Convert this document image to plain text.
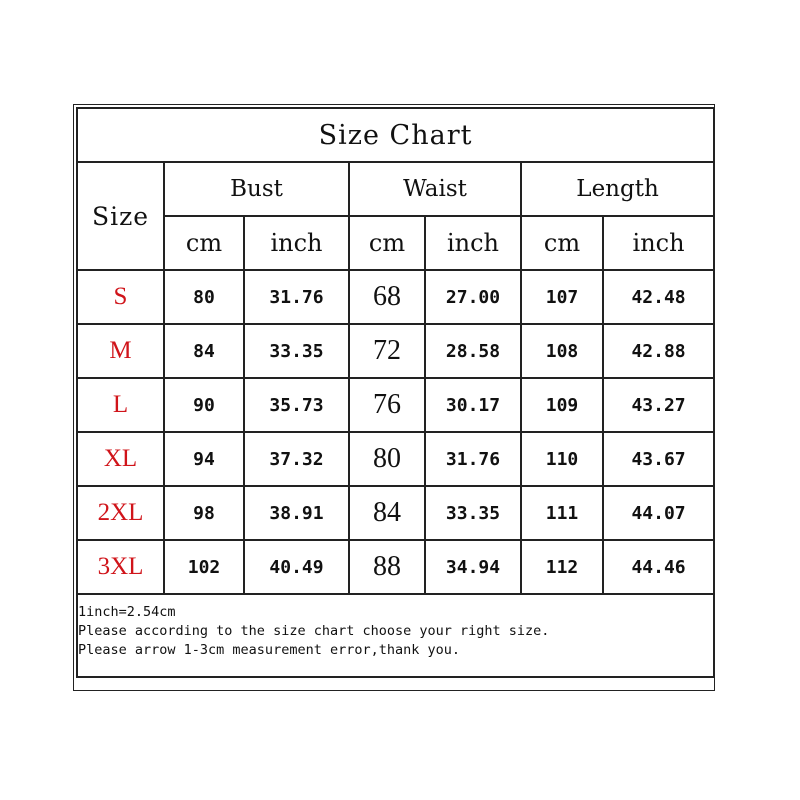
Size Chart						
Size	Bust		Waist		Length	
	cm	inch	cm	inch	cm	inch
S	80	31.76	68	27.00	107	42.48
M	84	33.35	72	28.58	108	42.88
L	90	35.73	76	30.17	109	43.27
XL	94	37.32	80	31.76	110	43.67
2XL	98	38.91	84	33.35	111	44.07
3XL	102	40.49	88	34.94	112	44.46

1inch=2.54cm
Please according to the size chart choose your right size.
Please arrow 1-3cm measurement error,thank you.						
